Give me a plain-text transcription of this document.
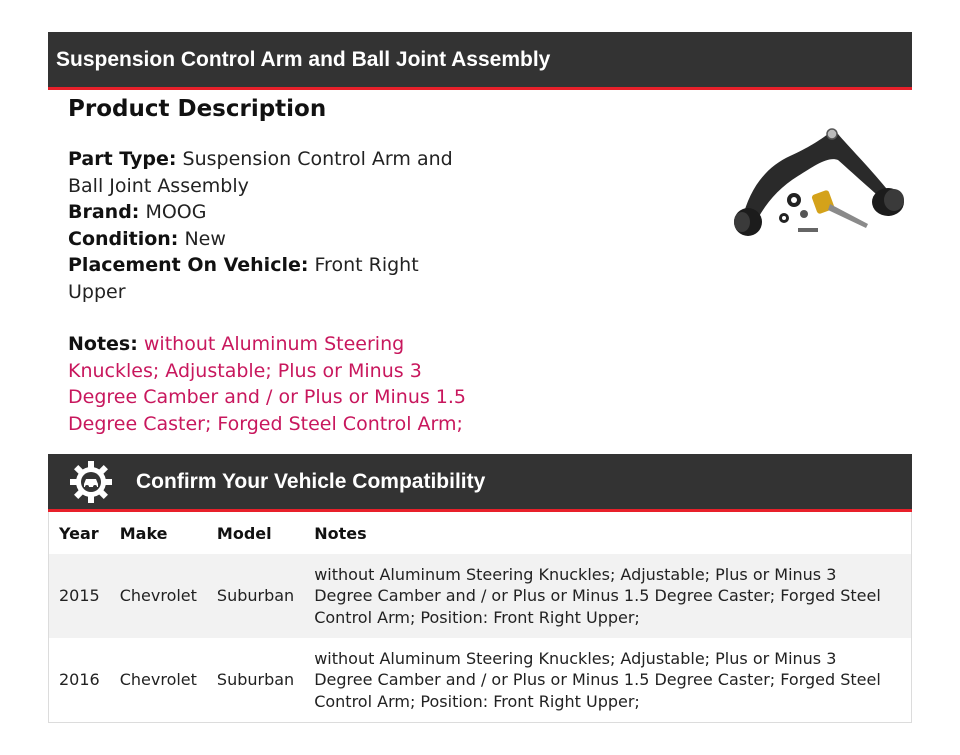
Suspension Control Arm and Ball Joint Assembly
Product Description
Part Type: Suspension Control Arm and Ball Joint Assembly
Brand: MOOG
Condition: New
Placement On Vehicle: Front Right Upper
Notes: without Aluminum Steering Knuckles; Adjustable; Plus or Minus 3 Degree Camber and / or Plus or Minus 1.5 Degree Caster; Forged Steel Control Arm;
Confirm Your Vehicle Compatibility
Year	Make	Model	Notes
2015	Chevrolet	Suburban	without Aluminum Steering Knuckles; Adjustable; Plus or Minus 3 Degree Camber and / or Plus or Minus 1.5 Degree Caster; Forged Steel Control Arm; Position: Front Right Upper;
2016	Chevrolet	Suburban	without Aluminum Steering Knuckles; Adjustable; Plus or Minus 3 Degree Camber and / or Plus or Minus 1.5 Degree Caster; Forged Steel Control Arm; Position: Front Right Upper;
